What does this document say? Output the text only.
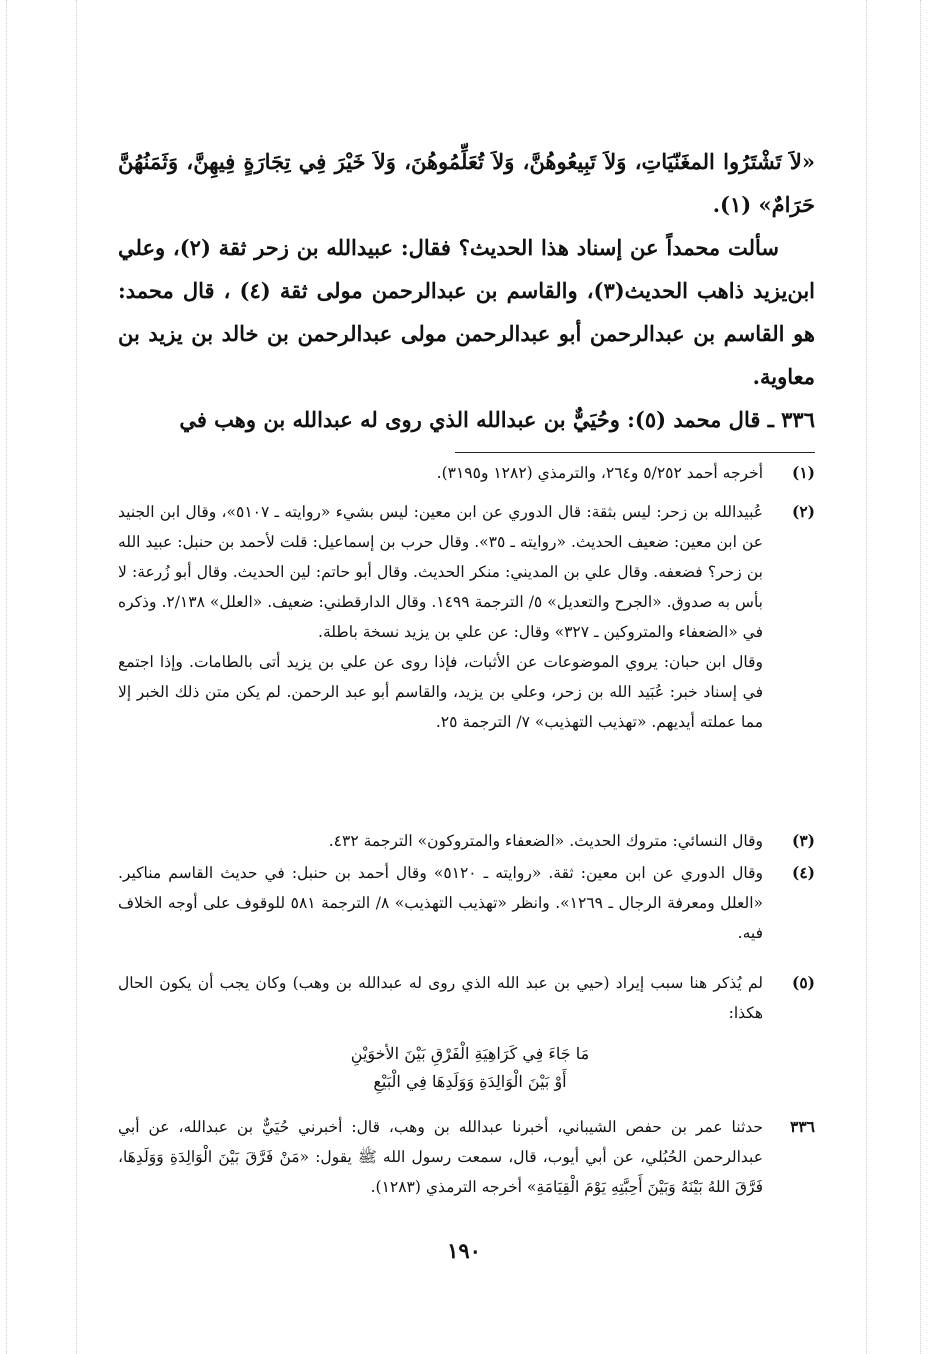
«لاَ تَشْتَرُوا المغَنّيَاتِ، وَلاَ تَبِيعُوهُنَّ، وَلاَ تُعَلِّمُوهُنَ، وَلاَ خَيْرَ فِي تِجَارَةٍ فِيهِنَّ، وَثَمَنُهُنَّ حَرَامٌ» (١).

سألت محمداً عن إسناد هذا الحديث؟ فقال: عبيدالله بن زحر ثقة (٢)، وعلي ابن‌يزيد ذاهب الحديث(٣)، والقاسم بن عبدالرحمن مولى ثقة (٤) ، قال محمد: هو القاسم بن عبدالرحمن أبو عبدالرحمن مولى عبدالرحمن بن خالد بن يزيد بن معاوية.

٣٣٦ ـ قال محمد (٥): وحُيَيٌّ بن عبدالله الذي روى له عبدالله بن وهب في

(١)

أخرجه أحمد ٥/٢٥٢ و٢٦٤، والترمذي (١٢٨٢ و٣١٩٥).

(٢)

عُبيدالله بن زحر: ليس بثقة: قال الدوري عن ابن معين: ليس بشيء «روايته ـ ٥١٠٧»، وقال ابن الجنيد عن ابن معين: ضعيف الحديث. «روايته ـ ٣٥». وقال حرب بن إسماعيل: قلت لأحمد بن حنبل: عبيد الله بن زحر؟ فضعفه. وقال علي بن المديني: منكر الحديث. وقال أبو حاتم: لين الحديث. وقال أبو زُرعة: لا بأس به صدوق. «الجرح والتعديل» ٥/ الترجمة ١٤٩٩. وقال الدارقطني: ضعيف. «العلل» ٢/١٣٨. وذكره في «الضعفاء والمتروكين ـ ٣٢٧» وقال: عن علي بن يزيد نسخة باطلة.

وقال ابن حبان: يروي الموضوعات عن الأثبات، فإذا روى عن علي بن يزيد أتى بالطامات. وإذا اجتمع في إسناد خبر: عُبَيد الله بن زحر، وعلي بن يزيد، والقاسم أبو عبد الرحمن. لم يكن متن ذلك الخبر إلا مما عملته أيديهم. «تهذيب التهذيب» ٧/ الترجمة ٢٥.

(٣)

وقال النسائي: متروك الحديث. «الضعفاء والمتروكون» الترجمة ٤٣٢.

(٤)

وقال الدوري عن ابن معين: ثقة. «روايته ـ ٥١٢٠» وقال أحمد بن حنبل: في حديث القاسم مناكير. «العلل ومعرفة الرجال ـ ١٢٦٩». وانظر «تهذيب التهذيب» ٨/ الترجمة ٥٨١ للوقوف على أوجه الخلاف فيه.

(٥)

لم يُذكر هنا سبب إيراد (حيي بن عبد الله الذي روى له عبدالله بن وهب) وكان يجب أن يكون الحال هكذا:

مَا جَاءَ فِي كَرَاهِيَةِ الْفَرْقِ بَيْنَ الأخوَيْنِ

أَوْ بَيْنَ الْوَالِدَةِ وَوَلَدِهَا فِي الْبَيْعِ

٣٣٦

حدثنا عمر بن حفص الشيباني، أخبرنا عبدالله بن وهب، قال: أخبرني حُيَيٌّ بن عبدالله، عن أبي عبدالرحمن الحُبُلي، عن أبي أيوب، قال، سمعت رسول الله ﷺ يقول: «مَنْ فَرَّقَ بَيْنَ الْوَالِدَةِ وَوَلَدِهَا، فَرَّقَ اللهُ بَيْنَهُ وَبَيْنَ أَحِبَّتِهِ يَوْمَ الْقِيَامَةِ» أخرجه الترمذي (١٢٨٣).

١٩٠
